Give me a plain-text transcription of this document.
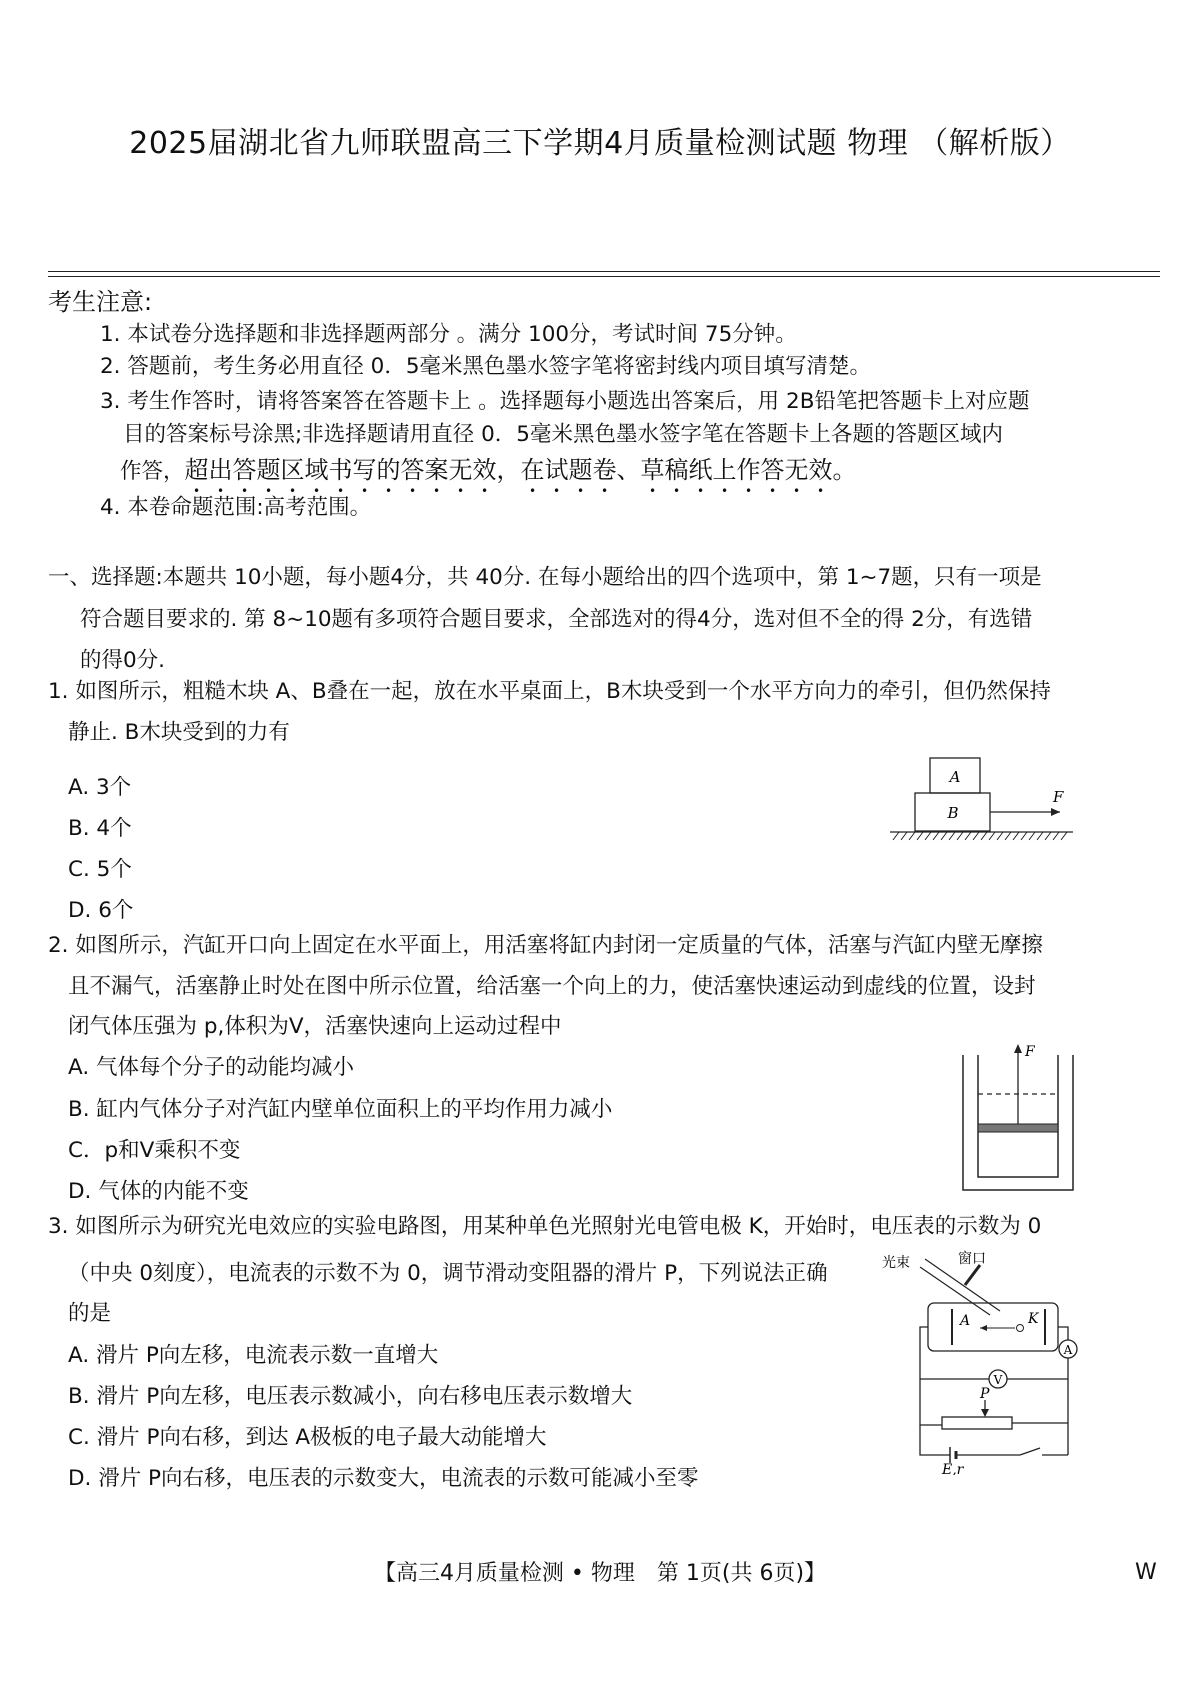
2025届湖北省九师联盟高三下学期4月质量检测试题 物理 （解析版）
考生注意:
1. 本试卷分选择题和非选择题两部分 。满分 100分，考试时间 75分钟。
2. 答题前，考生务必用直径 0．5毫米黑色墨水签字笔将密封线内项目填写清楚。
3. 考生作答时，请将答案答在答题卡上 。选择题每小题选出答案后，用 2B铅笔把答题卡上对应题
目的答案标号涂黑;非选择题请用直径 0．5毫米黑色墨水签字笔在答题卡上各题的答题区域内
作答，超出答题区域书写的答案无效，在试题卷、草稿纸上作答无效。
4. 本卷命题范围:高考范围。
一、选择题:本题共 10小题，每小题4分，共 40分. 在每小题给出的四个选项中，第 1~7题，只有一项是
符合题目要求的. 第 8~10题有多项符合题目要求，全部选对的得4分，选对但不全的得 2分，有选错
的得0分.
1. 如图所示，粗糙木块 A、B叠在一起，放在水平桌面上，B木块受到一个水平方向力的牵引，但仍然保持
静止. B木块受到的力有
A. 3个
B. 4个
C. 5个
D. 6个
A
B
F
2. 如图所示，汽缸开口向上固定在水平面上，用活塞将缸内封闭一定质量的气体，活塞与汽缸内壁无摩擦
且不漏气，活塞静止时处在图中所示位置，给活塞一个向上的力，使活塞快速运动到虚线的位置，设封
闭气体压强为 p,体积为V，活塞快速向上运动过程中
A. 气体每个分子的动能均减小
B. 缸内气体分子对汽缸内壁单位面积上的平均作用力减小
C．p和V乘积不变
D. 气体的内能不变
F
3. 如图所示为研究光电效应的实验电路图，用某种单色光照射光电管电极 K，开始时，电压表的示数为 0
（中央 0刻度），电流表的示数不为 0，调节滑动变阻器的滑片 P，下列说法正确
的是
A. 滑片 P向左移，电流表示数一直增大
B. 滑片 P向左移，电压表示数减小，向右移电压表示数增大
C. 滑片 P向右移，到达 A极板的电子最大动能增大
D. 滑片 P向右移，电压表的示数变大，电流表的示数可能减小至零
光束	窗口
A	K
A
V
P
E,r
【高三4月质量检测 • 物理　第 1页(共 6页)】	W
